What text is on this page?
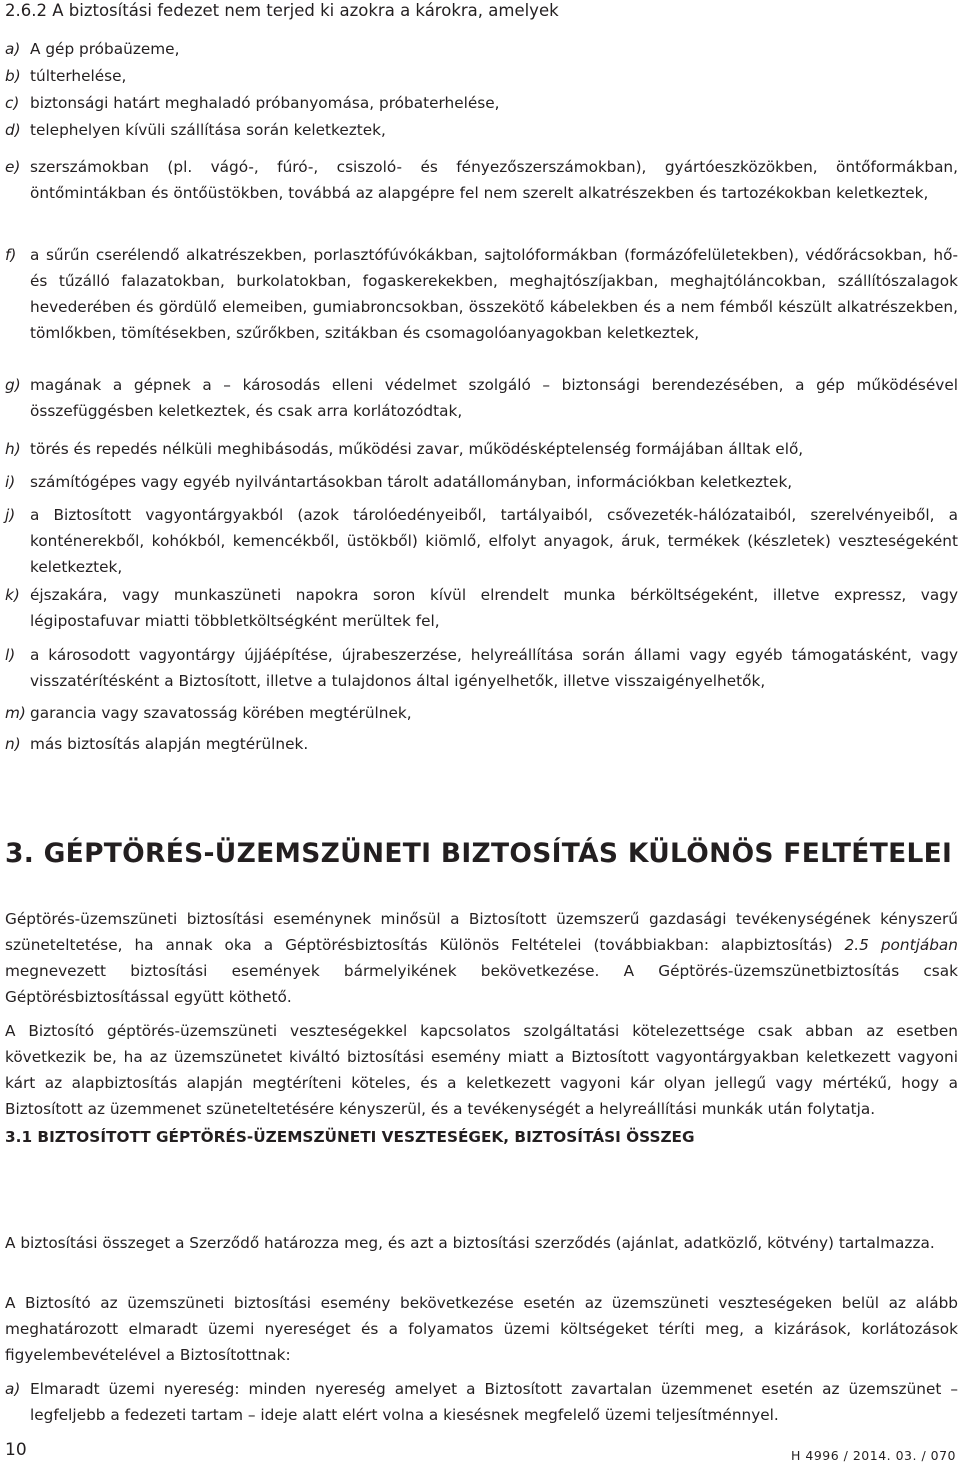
2.6.2 A biztosítási fedezet nem terjed ki azokra a károkra, amelyek
a) A gép próbaüzeme,
b) túlterhelése,
c) biztonsági határt meghaladó próbanyomása, próbaterhelése,
d) telephelyen kívüli szállítása során keletkeztek,
e) szerszámokban (pl. vágó-, fúró-, csiszoló- és fényezőszerszámokban), gyártóeszközökben, öntőformákban, öntőmintákban és öntőüstökben, továbbá az alapgépre fel nem szerelt alkatrészekben és tartozékokban keletkeztek,
f) a sűrűn cserélendő alkatrészekben, porlasztófúvókákban, sajtolóformákban (formázófelületekben), védőrácsokban, hő- és tűzálló falazatokban, burkolatokban, fogaskerekekben, meghajtószíjakban, meghajtóláncokban, szállítószalagok hevederében és gördülő elemeiben, gumiabroncsokban, összekötő kábelekben és a nem fémből készült alkatrészekben, tömlőkben, tömítésekben, szűrőkben, szitákban és csomagolóanyagokban keletkeztek,
g) magának a gépnek a – károsodás elleni védelmet szolgáló – biztonsági berendezésében, a gép működésével összefüggésben keletkeztek, és csak arra korlátozódtak,
h) törés és repedés nélküli meghibásodás, működési zavar, működésképtelenség formájában álltak elő,
i) számítógépes vagy egyéb nyilvántartásokban tárolt adatállományban, információkban keletkeztek,
j) a Biztosított vagyontárgyakból (azok tárolóedényeiből, tartályaiból, csővezeték-hálózataiból, szerelvényeiből, a konténerekből, kohókból, kemencékből, üstökből) kiömlő, elfolyt anyagok, áruk, termékek (készletek) veszteségeként keletkeztek,
k) éjszakára, vagy munkaszüneti napokra soron kívül elrendelt munka bérköltségeként, illetve expressz, vagy légipostafuvar miatti többletköltségként merültek fel,
l) a károsodott vagyontárgy újjáépítése, újrabeszerzése, helyreállítása során állami vagy egyéb támogatásként, vagy visszatérítésként a Biztosított, illetve a tulajdonos által igényelhetők, illetve visszaigényelhetők,
m) garancia vagy szavatosság körében megtérülnek,
n) más biztosítás alapján megtérülnek.
3. GÉPTÖRÉS-ÜZEMSZÜNETI BIZTOSÍTÁS KÜLÖNÖS FELTÉTELEI

Géptörés-üzemszüneti biztosítási eseménynek minősül a Biztosított üzemszerű gazdasági tevékenységének kényszerű szüneteltetése, ha annak oka a Géptörésbiztosítás Különös Feltételei (továbbiakban: alapbiztosítás) 2.5 pontjában megnevezett biztosítási események bármelyikének bekövetkezése. A Géptörés-üzemszünetbiztosítás csak Géptörésbiztosítással együtt köthető.

A Biztosító géptörés-üzemszüneti veszteségekkel kapcsolatos szolgáltatási kötelezettsége csak abban az esetben következik be, ha az üzemszünetet kiváltó biztosítási esemény miatt a Biztosított vagyontárgyakban keletkezett vagyoni kárt az alapbiztosítás alapján megtéríteni köteles, és a keletkezett vagyoni kár olyan jellegű vagy mértékű, hogy a Biztosított az üzemmenet szüneteltetésére kényszerül, és a tevékenységét a helyreállítási munkák után folytatja.

3.1 BIZTOSÍTOTT GÉPTÖRÉS-ÜZEMSZÜNETI VESZTESÉGEK, BIZTOSÍTÁSI ÖSSZEG

A biztosítási összeget a Szerződő határozza meg, és azt a biztosítási szerződés (ajánlat, adatközlő, kötvény) tartalmazza.

A Biztosító az üzemszüneti biztosítási esemény bekövetkezése esetén az üzemszüneti veszteségeken belül az alább meghatározott elmaradt üzemi nyereséget és a folyamatos üzemi költségeket téríti meg, a kizárások, korlátozások figyelembevételével a Biztosítottnak:

a) Elmaradt üzemi nyereség: minden nyereség amelyet a Biztosított zavartalan üzemmenet esetén az üzemszünet – legfeljebb a fedezeti tartam – ideje alatt elért volna a kiesésnek megfelelő üzemi teljesítménnyel.
10	H 4996 / 2014. 03. / 070
